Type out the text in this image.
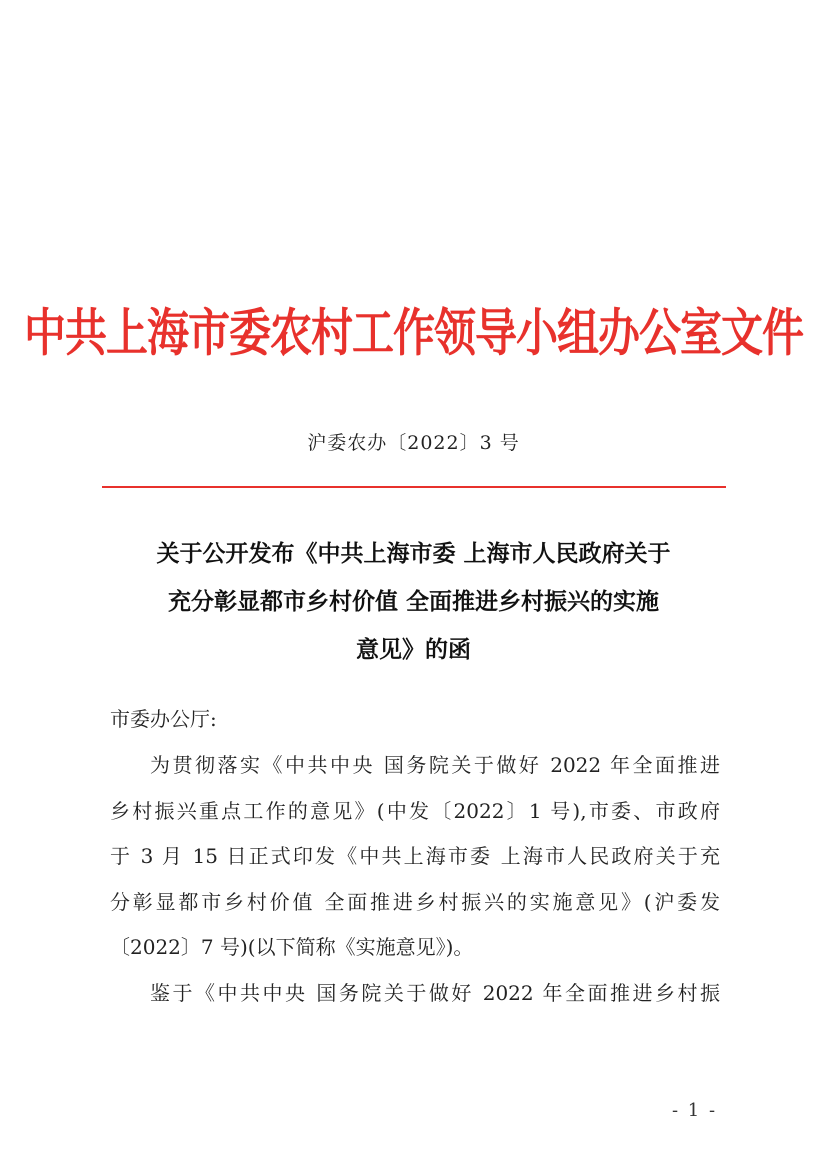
中共上海市委农村工作领导小组办公室文件
沪委农办〔2022〕3 号
关于公开发布《中共上海市委 上海市人民政府关于
充分彰显都市乡村价值 全面推进乡村振兴的实施
意见》的函
市委办公厅:
为贯彻落实《中共中央 国务院关于做好 2022 年全面推进
乡村振兴重点工作的意见》(中发〔2022〕1 号),市委、市政府
于 3 月 15 日正式印发《中共上海市委 上海市人民政府关于充
分彰显都市乡村价值 全面推进乡村振兴的实施意见》(沪委发
〔2022〕7 号)(以下简称《实施意见》)。
鉴于《中共中央 国务院关于做好 2022 年全面推进乡村振
- 1 -
